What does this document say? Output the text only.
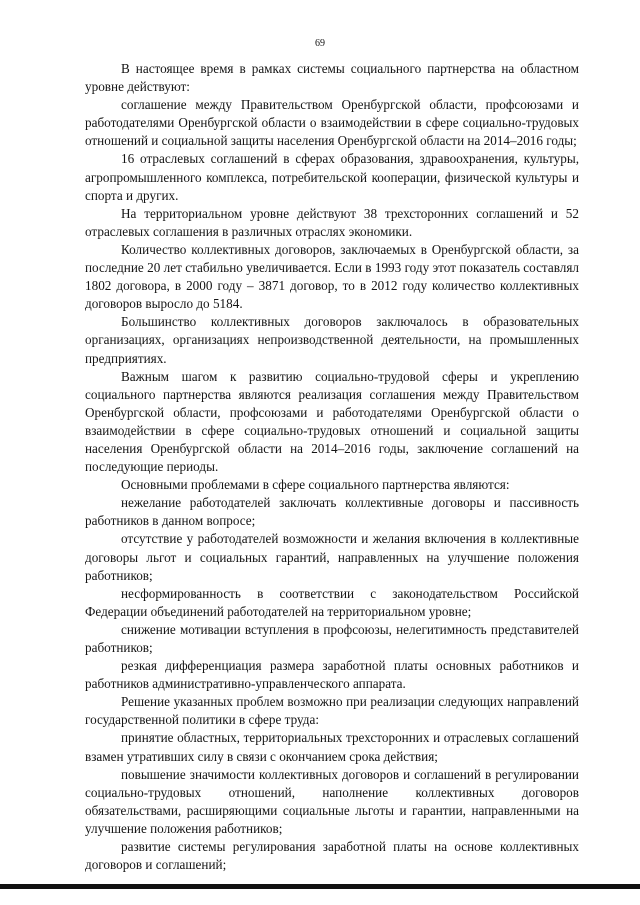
69

В настоящее время в рамках системы социального партнерства на областном уровне действуют:

соглашение между Правительством Оренбургской области, профсоюзами и работодателями Оренбургской области о взаимодействии в сфере социально-трудовых отношений и социальной защиты населения Оренбургской области на 2014–2016 годы;

16 отраслевых соглашений в сферах образования, здравоохранения, культуры, агропромышленного комплекса, потребительской кооперации, физической культуры и спорта и других.

На территориальном уровне действуют 38 трехсторонних соглашений и 52 отраслевых соглашения в различных отраслях экономики.

Количество коллективных договоров, заключаемых в Оренбургской области, за последние 20 лет стабильно увеличивается. Если в 1993 году этот показатель составлял 1802 договора, в 2000 году – 3871 договор, то в 2012 году количество коллективных договоров выросло до 5184.

Большинство коллективных договоров заключалось в образовательных организациях, организациях непроизводственной деятельности, на промышленных предприятиях.

Важным шагом к развитию социально-трудовой сферы и укреплению социального партнерства являются реализация соглашения между Правительством Оренбургской области, профсоюзами и работодателями Оренбургской области о взаимодействии в сфере социально-трудовых отношений и социальной защиты населения Оренбургской области на 2014–2016 годы, заключение соглашений на последующие периоды.

Основными проблемами в сфере социального партнерства являются:

нежелание работодателей заключать коллективные договоры и пассивность работников в данном вопросе;

отсутствие у работодателей возможности и желания включения в коллективные договоры льгот и социальных гарантий, направленных на улучшение положения работников;

несформированность в соответствии с законодательством Российской Федерации объединений работодателей на территориальном уровне;

снижение мотивации вступления в профсоюзы, нелегитимность представителей работников;

резкая дифференциация размера заработной платы основных работников и работников административно-управленческого аппарата.

Решение указанных проблем возможно при реализации следующих направлений государственной политики в сфере труда:

принятие областных, территориальных трехсторонних и отраслевых соглашений взамен утративших силу в связи с окончанием срока действия;

повышение значимости коллективных договоров и соглашений в регулировании социально-трудовых отношений, наполнение коллективных договоров обязательствами, расширяющими социальные льготы и гарантии, направленными на улучшение положения работников;

развитие системы регулирования заработной платы на основе коллективных договоров и соглашений;
